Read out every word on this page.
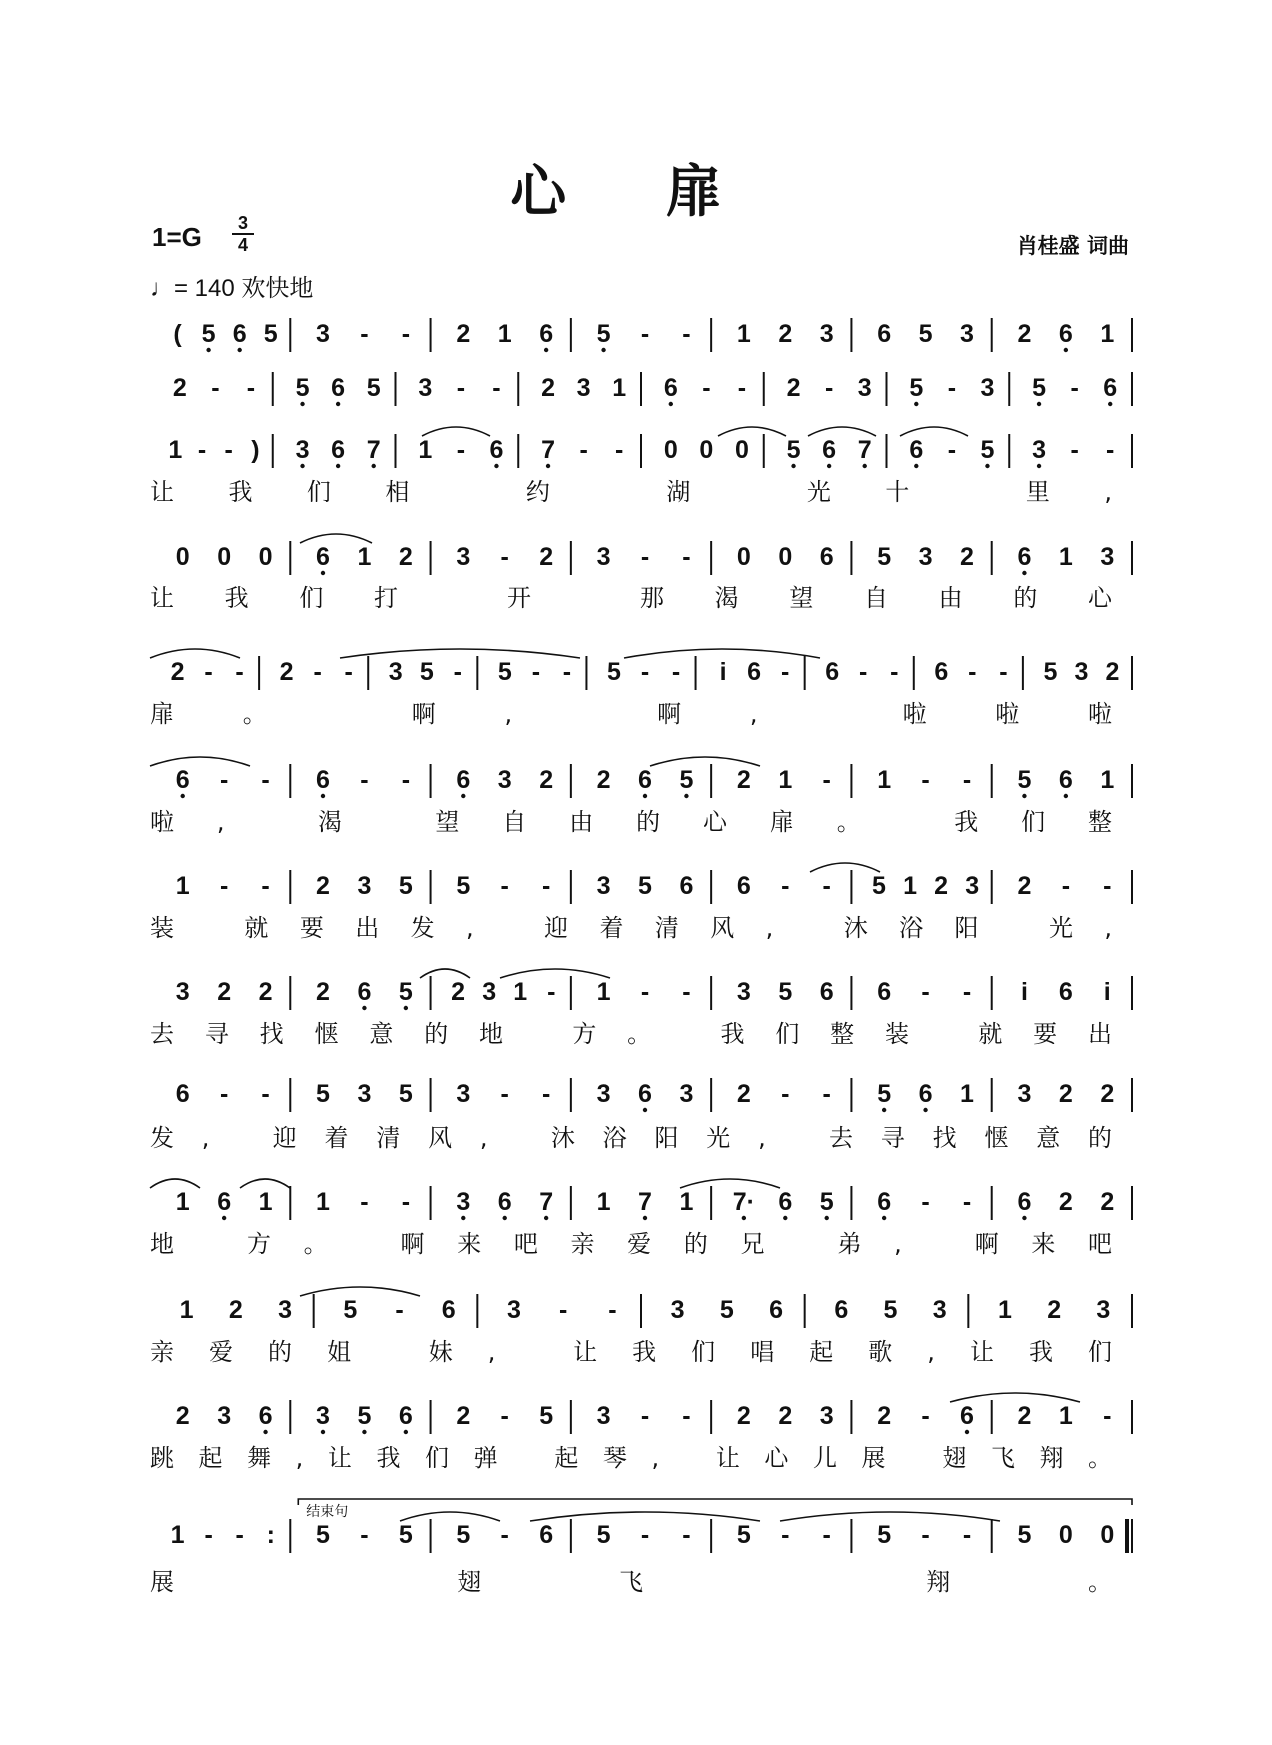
心 扉
1=G	3
4
♩= 140 欢快地
肖桂盛 词曲
( 5 6 5 3 - - 2 1 6 5 - - 1 2 3 6 5 3 2 6 1
2 - - 5 6 5 3 - - 2 3 1 6 - - 2 - 3 5 - 3 5 - 6
1 - - ) 3 6 7 1 - 6 7 - - 0 0 0 5 6 7 6 - 5 3 - -
让我们相 约 湖 光十 里,
0 0 0 6 1 2 3 - 2 3 - - 0 0 6 5 3 2 6 1 3
让我们打 开 那渴望自由的心
2 - - 2 - - 3 5 - 5 - - 5 - - i 6 - 6 - - 6 - - 5 3 2
扉。 啊, 啊, 啦啦啦
6 - - 6 - - 6 3 2 2 6 5 2 1 - 1 - - 5 6 1
啦, 渴 望自由的心扉。 我们整
1 - - 2 3 5 5 - - 3 5 6 6 - - 5 1 2 3 2 - -
装 就要出发, 迎着清风, 沐浴阳 光,
3 2 2 2 6 5 2 3 1 - 1 - - 3 5 6 6 - - i 6 i
去寻找惬意的地 方。 我们整装 就要出
6 - - 5 3 5 3 - - 3 6 3 2 - - 5 6 1 3 2 2
发, 迎着清风, 沐浴阳光, 去寻找惬意的
1 6 1 1 - - 3 6 7 1 7 1 7· 6 5 6 - - 6 2 2
地 方。 啊来吧亲爱的兄 弟, 啊来吧
1 2 3 5 - 6 3 - - 3 5 6 6 5 3 1 2 3
亲爱的姐 妹, 让我们唱起歌,让我们
2 3 6 3 5 6 2 - 5 3 - - 2 2 3 2 - 6 2 1 -
跳起舞,让我们弹 起琴, 让心儿展 翅飞翔。
1 - - : 5 - 5 5 - 6 5 - - 5 - - 5 - - 5 0 0
结束句
展 翅飞 翔。
